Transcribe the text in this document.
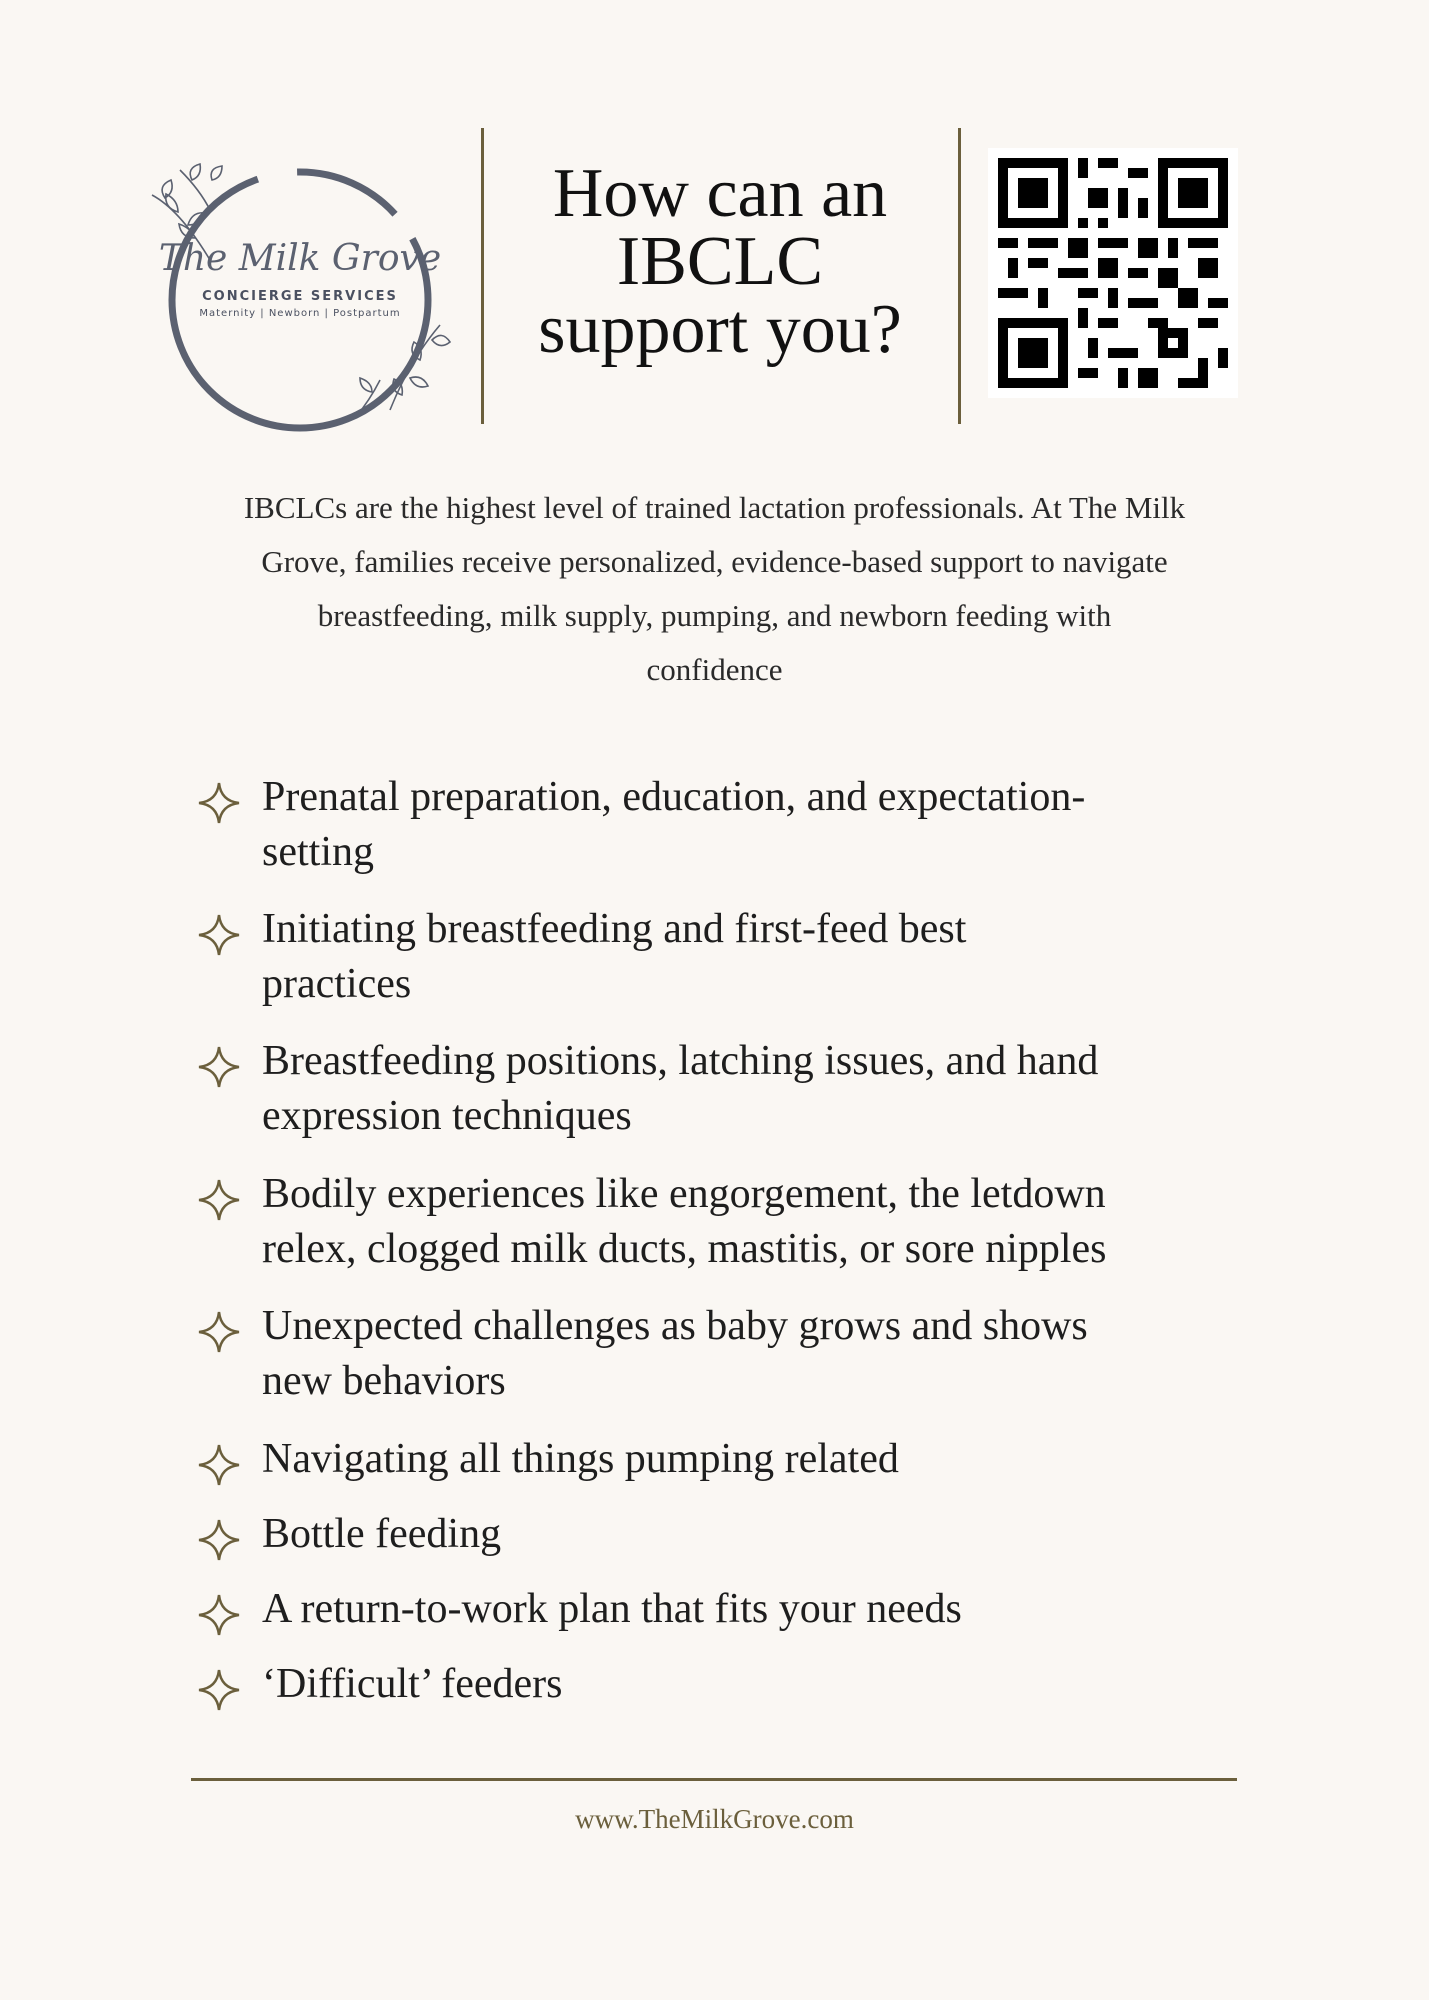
The Milk Grove
CONCIERGE SERVICES
Maternity | Newborn | Postpartum
How can an
IBCLC
support you?
IBCLCs are the highest level of trained lactation professionals. At The Milk
Grove, families receive personalized, evidence-based support to navigate
breastfeeding, milk supply, pumping, and newborn feeding with
confidence
Prenatal preparation, education, and expectation-
setting
Initiating breastfeeding and first-feed best
practices
Breastfeeding positions, latching issues, and hand
expression techniques
Bodily experiences like engorgement, the letdown
relex, clogged milk ducts, mastitis, or sore nipples
Unexpected challenges as baby grows and shows
new behaviors
Navigating all things pumping related
Bottle feeding
A return-to-work plan that fits your needs
‘Difficult’ feeders
www.TheMilkGrove.com
